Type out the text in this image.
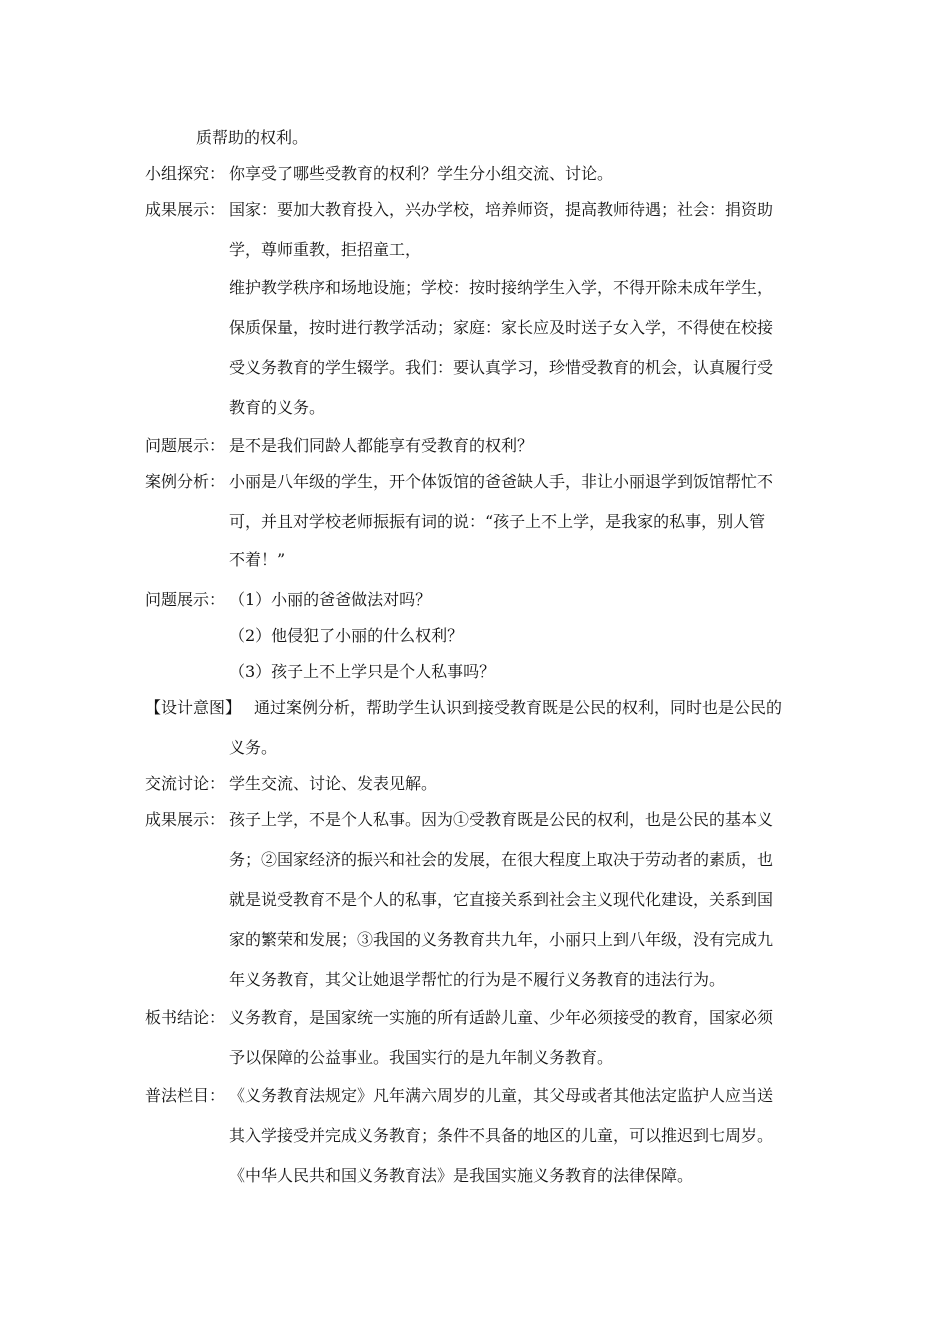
质帮助的权利。
小组探究： 你享受了哪些受教育的权利？学生分小组交流、讨论。
成果展示： 国家：要加大教育投入，兴办学校，培养师资，提高教师待遇；社会：捐资助
学，尊师重教，拒招童工，
维护教学秩序和场地设施；学校：按时接纳学生入学，不得开除未成年学生，
保质保量，按时进行教学活动；家庭：家长应及时送子女入学，不得使在校接
受义务教育的学生辍学。我们：要认真学习，珍惜受教育的机会，认真履行受
教育的义务。
问题展示： 是不是我们同龄人都能享有受教育的权利？
案例分析： 小丽是八年级的学生，开个体饭馆的爸爸缺人手，非让小丽退学到饭馆帮忙不
可，并且对学校老师振振有词的说：“孩子上不上学，是我家的私事，别人管
不着！”
问题展示： （1）小丽的爸爸做法对吗？
（2）他侵犯了小丽的什么权利？
（3）孩子上不上学只是个人私事吗？
【设计意图】 通过案例分析，帮助学生认识到接受教育既是公民的权利，同时也是公民的
义务。
交流讨论： 学生交流、讨论、发表见解。
成果展示： 孩子上学，不是个人私事。因为①受教育既是公民的权利，也是公民的基本义
务；②国家经济的振兴和社会的发展，在很大程度上取决于劳动者的素质，也
就是说受教育不是个人的私事，它直接关系到社会主义现代化建设，关系到国
家的繁荣和发展；③我国的义务教育共九年，小丽只上到八年级，没有完成九
年义务教育，其父让她退学帮忙的行为是不履行义务教育的违法行为。
板书结论： 义务教育，是国家统一实施的所有适龄儿童、少年必须接受的教育，国家必须
予以保障的公益事业。我国实行的是九年制义务教育。
普法栏目： 《义务教育法规定》凡年满六周岁的儿童，其父母或者其他法定监护人应当送
其入学接受并完成义务教育；条件不具备的地区的儿童，可以推迟到七周岁。
《中华人民共和国义务教育法》是我国实施义务教育的法律保障。
